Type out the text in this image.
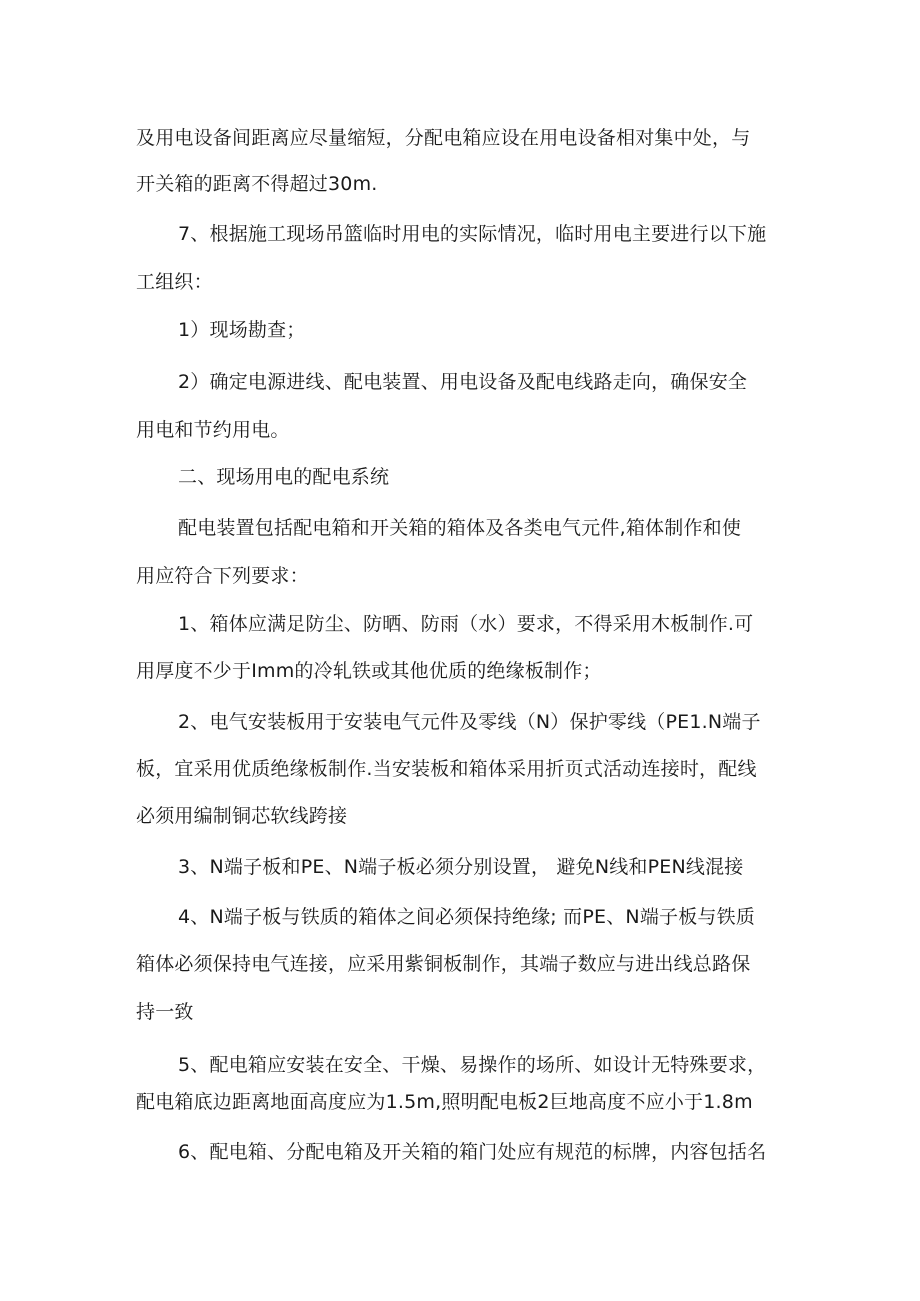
及用电设备间距离应尽量缩短，分配电箱应设在用电设备相对集中处，与
开关箱的距离不得超过30m.
7、根据施工现场吊篮临时用电的实际情况，临时用电主要进行以下施
工组织：
1）现场勘查；
2）确定电源进线、配电装置、用电设备及配电线路走向，确保安全
用电和节约用电。
二、现场用电的配电系统
配电装置包括配电箱和开关箱的箱体及各类电气元件,箱体制作和使
用应符合下列要求：
1、箱体应满足防尘、防晒、防雨（水）要求，不得采用木板制作.可
用厚度不少于Imm的冷轧铁或其他优质的绝缘板制作；
2、电气安装板用于安装电气元件及零线（N）保护零线（PE1.N端子
板，宜采用优质绝缘板制作.当安装板和箱体采用折页式活动连接时，配线
必须用编制铜芯软线跨接
3、N端子板和PE、N端子板必须分别设置， 避免N线和PEN线混接
4、N端子板与铁质的箱体之间必须保持绝缘; 而PE、N端子板与铁质
箱体必须保持电气连接，应采用紫铜板制作，其端子数应与进出线总路保
持一致
5、配电箱应安装在安全、干燥、易操作的场所、如设计无特殊要求，
配电箱底边距离地面高度应为1.5m,照明配电板2巨地高度不应小于1.8m
6、配电箱、分配电箱及开关箱的箱门处应有规范的标牌，内容包括名
